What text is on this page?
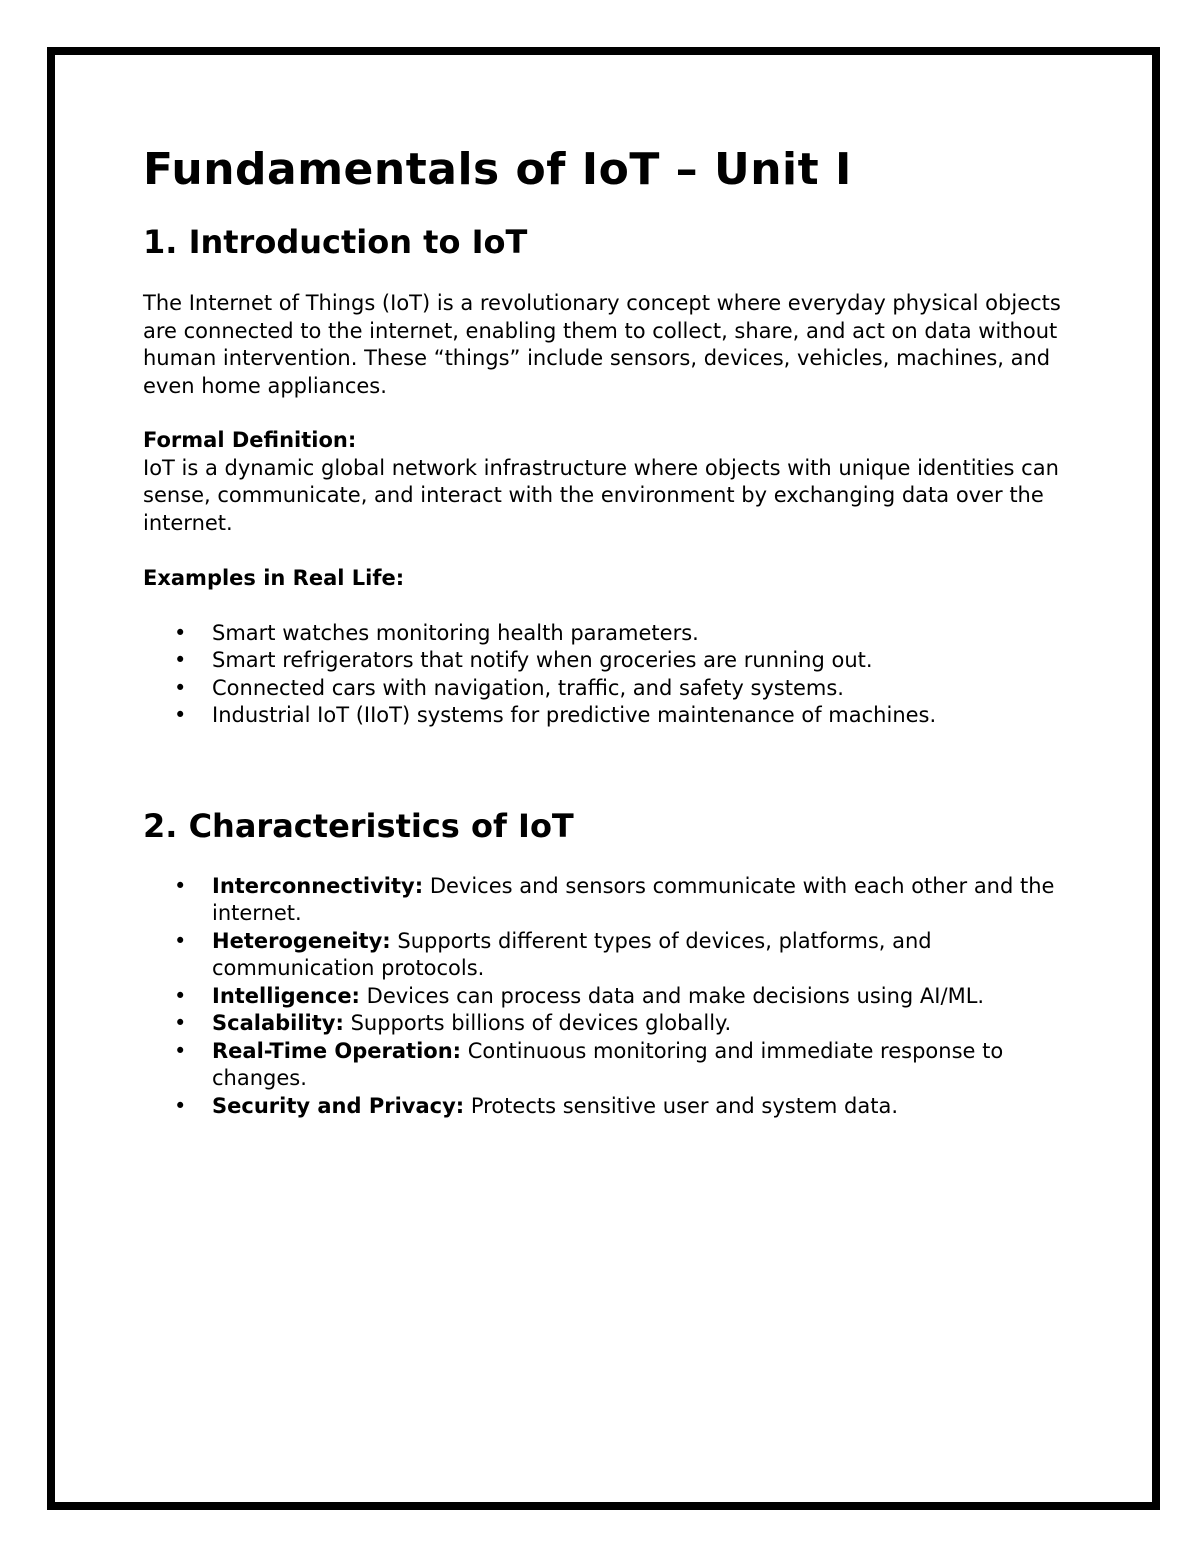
Fundamentals of IoT – Unit I
1. Introduction to IoT

The Internet of Things (IoT) is a revolutionary concept where everyday physical objects are connected to the internet, enabling them to collect, share, and act on data without human intervention. These “things” include sensors, devices, vehicles, machines, and even home appliances.

Formal Definition:

IoT is a dynamic global network infrastructure where objects with unique identities can sense, communicate, and interact with the environment by exchanging data over the internet.

Examples in Real Life:

• Smart watches monitoring health parameters.
• Smart refrigerators that notify when groceries are running out.
• Connected cars with navigation, traffic, and safety systems.
• Industrial IoT (IIoT) systems for predictive maintenance of machines.
2. Characteristics of IoT
• Interconnectivity: Devices and sensors communicate with each other and the internet.
• Heterogeneity: Supports different types of devices, platforms, and communication protocols.
• Intelligence: Devices can process data and make decisions using AI/ML.
• Scalability: Supports billions of devices globally.
• Real-Time Operation: Continuous monitoring and immediate response to changes.
• Security and Privacy: Protects sensitive user and system data.
